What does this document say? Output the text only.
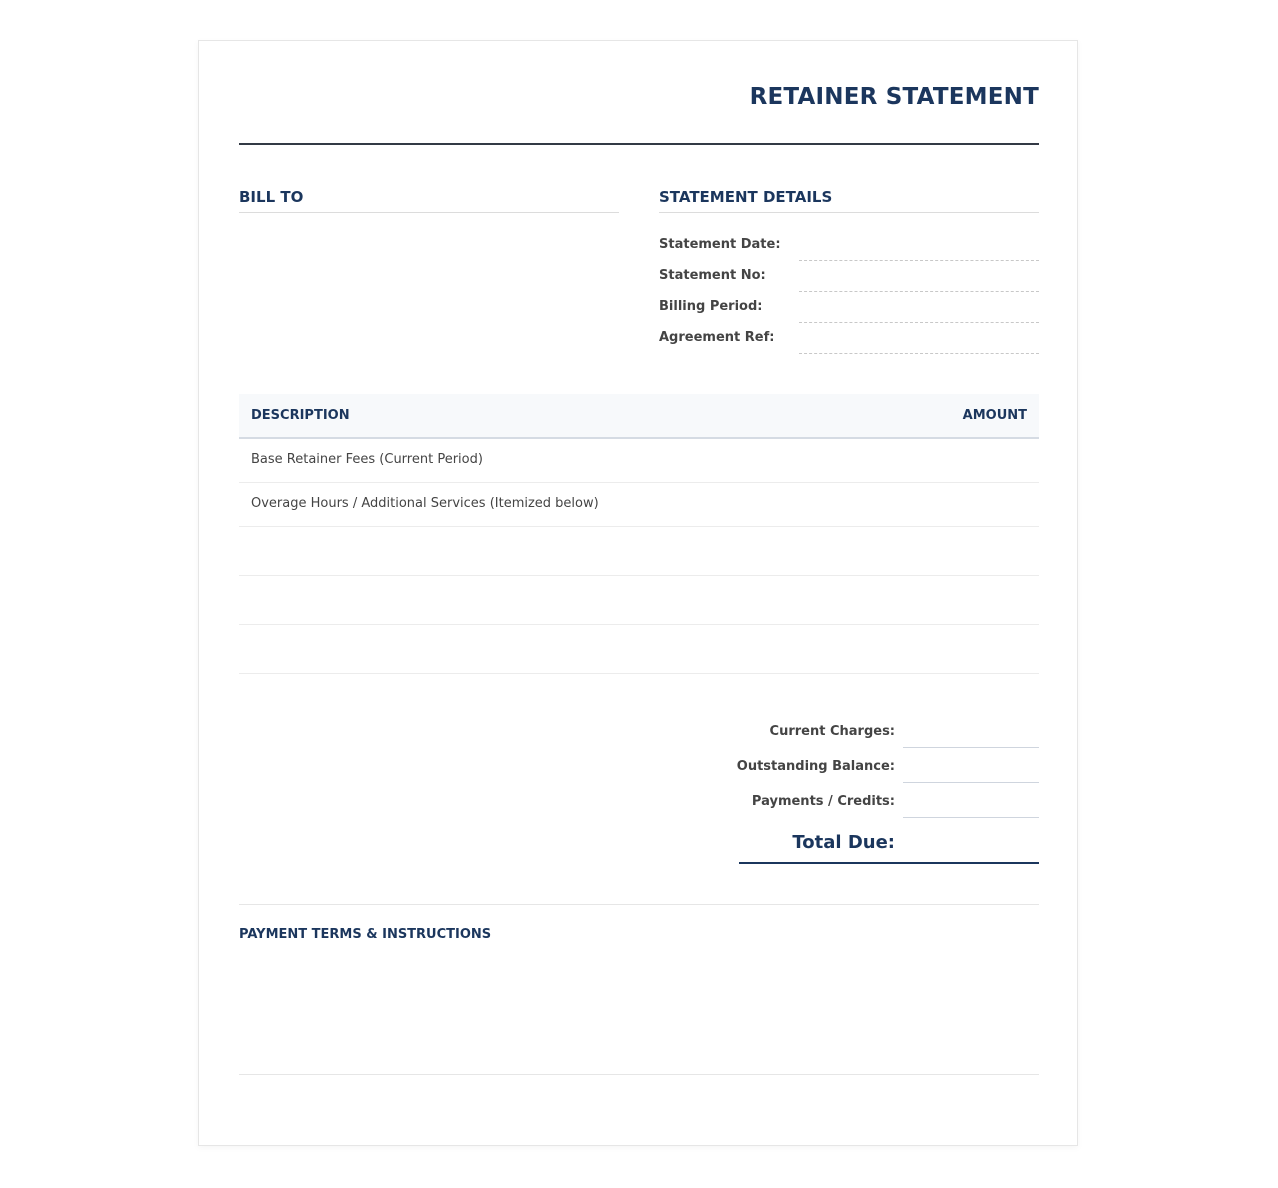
RETAINER STATEMENT
BILL TO	STATEMENT DETAILS
Statement Date:
Statement No:
Billing Period:
Agreement Ref:
DESCRIPTION	AMOUNT
Base Retainer Fees (Current Period)
Overage Hours / Additional Services (Itemized below)
Current Charges:
Outstanding Balance:
Payments / Credits:
Total Due:
PAYMENT TERMS & INSTRUCTIONS
